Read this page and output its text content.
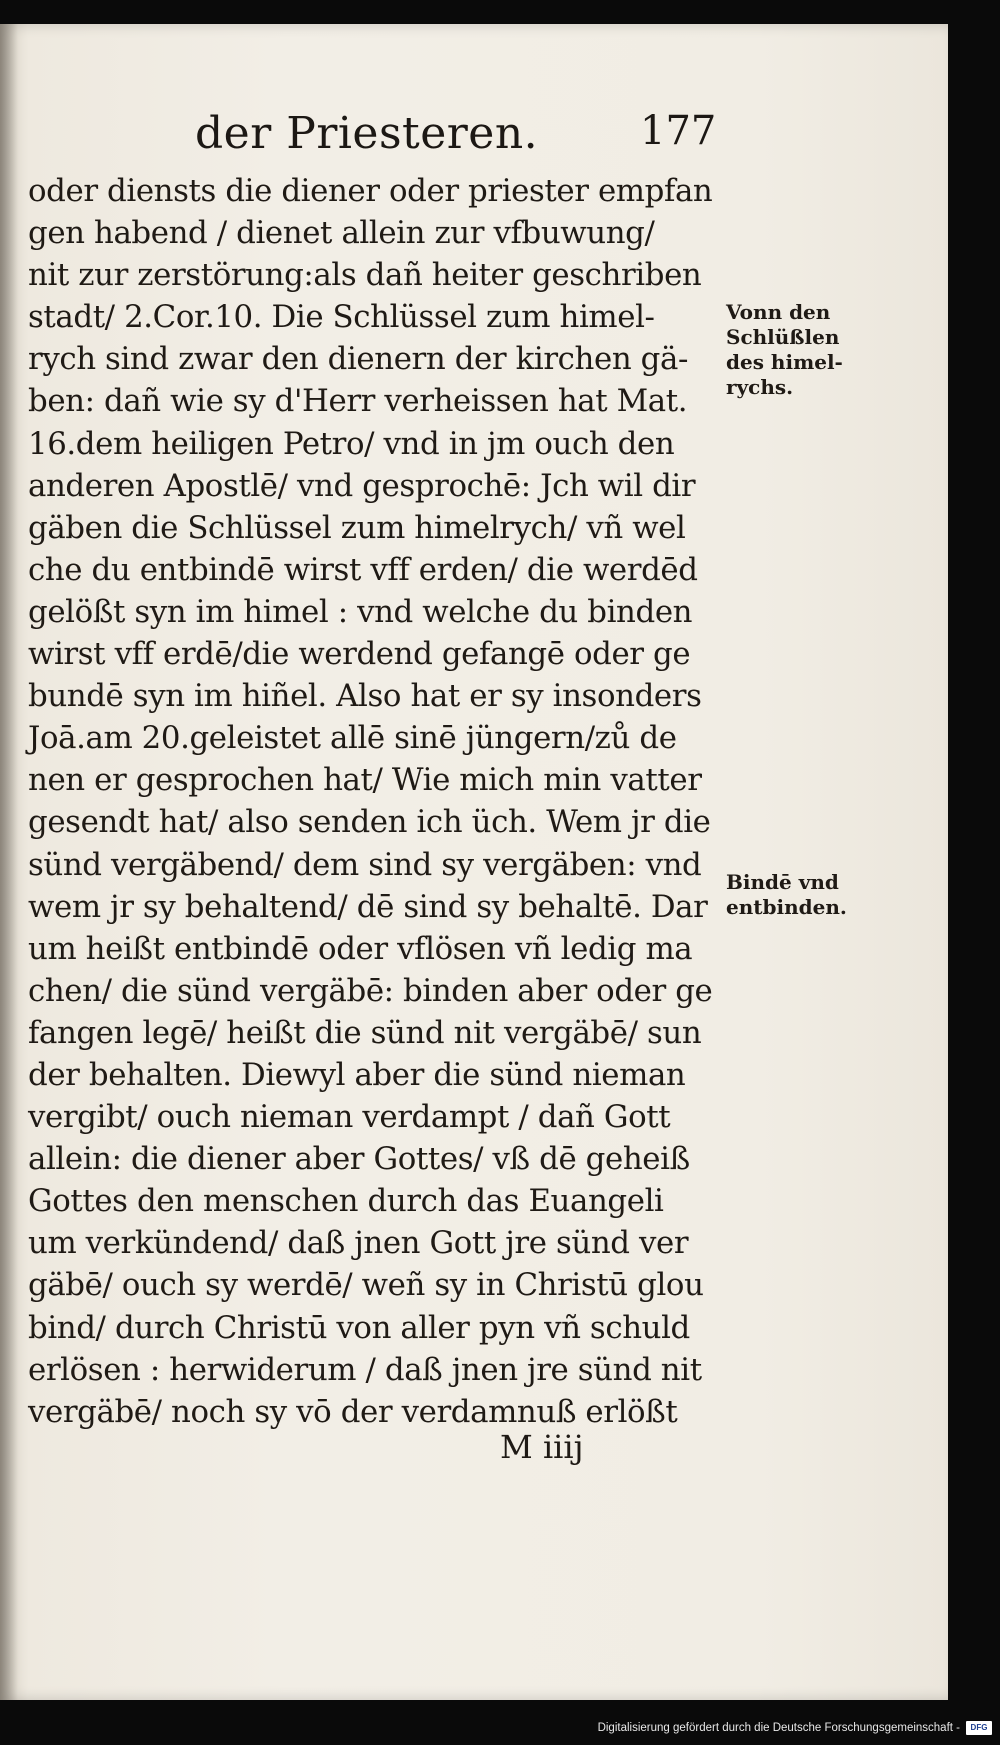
der Priesteren.	177
oder diensts die diener oder priester empfan
gen habend / dienet allein zur vfbuwung/
nit zur zerstörung:als dañ heiter geschriben
stadt/ 2.Cor.10. Die Schlüssel zum himel-
rych sind zwar den dienern der kirchen gä-
ben: dañ wie sy d'Herr verheissen hat Mat.
16.dem heiligen Petro/ vnd in jm ouch den
anderen Apostlē/ vnd gesprochē: Jch wil dir
gäben die Schlüssel zum himelrych/ vñ wel
che du entbindē wirst vff erden/ die werdēd
gelößt syn im himel : vnd welche du binden
wirst vff erdē/die werdend gefangē oder ge
bundē syn im hiñel. Also hat er sy insonders
Joā.am 20.geleistet allē sinē jüngern/zů de
nen er gesprochen hat/ Wie mich min vatter
gesendt hat/ also senden ich üch. Wem jr die
sünd vergäbend/ dem sind sy vergäben: vnd
wem jr sy behaltend/ dē sind sy behaltē. Dar
um heißt entbindē oder vflösen vñ ledig ma
chen/ die sünd vergäbē: binden aber oder ge
fangen legē/ heißt die sünd nit vergäbē/ sun
der behalten. Diewyl aber die sünd nieman
vergibt/ ouch nieman verdampt / dañ Gott
allein: die diener aber Gottes/ vß dē geheiß
Gottes den menschen durch das Euangeli
um verkündend/ daß jnen Gott jre sünd ver
gäbē/ ouch sy werdē/ weñ sy in Christū glou
bind/ durch Christū von aller pyn vñ schuld
erlösen : herwiderum / daß jnen jre sünd nit
vergäbē/ noch sy vō der verdamnuß erlößt
Vonn den
Schlüßlen
des himel-
rychs.
Bindē vnd
entbinden.
M iiij
Digitalisierung gefördert durch die Deutsche Forschungsgemeinschaft -	DFG
